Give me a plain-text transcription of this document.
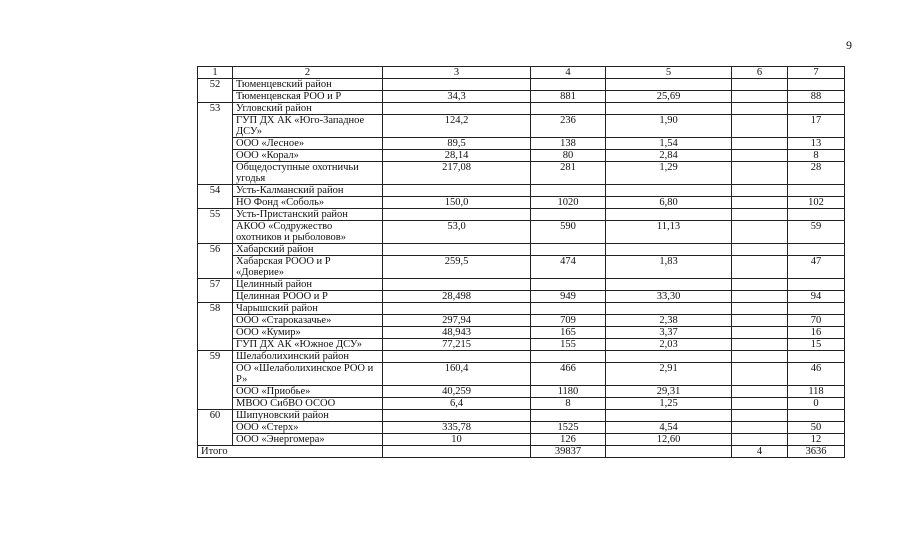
9
1	2	3	4	5	6	7
52	Тюменцевский район					
	Тюменцевская РОО и Р	34,3	881	25,69		88
53	Угловский район					
	ГУП ДХ АК «Юго-Западное ДСУ»	124,2	236	1,90		17
	ООО «Лесное»	89,5	138	1,54		13
	ООО «Корал»	28,14	80	2,84		8
	Общедоступные охотничьи угодья	217,08	281	1,29		28
54	Усть-Калманский район					
	НО Фонд «Соболь»	150,0	1020	6,80		102
55	Усть-Пристанский район					
	АКОО «Содружество охотников и рыболовов»	53,0	590	11,13		59
56	Хабарский район					
	Хабарская РООО и Р «Доверие»	259,5	474	1,83		47
57	Целинный район					
	Целинная РООО и Р	28,498	949	33,30		94
58	Чарышский район					
	ООО «Староказачье»	297,94	709	2,38		70
	ООО «Кумир»	48,943	165	3,37		16
	ГУП ДХ АК «Южное ДСУ»	77,215	155	2,03		15
59	Шелаболихинский район					
	ОО «Шелаболихинское РОО и Р»	160,4	466	2,91		46
	ООО «Приобье»	40,259	1180	29,31		118
	МВОО СибВО ОСОО	6,4	8	1,25		0
60	Шипуновский район					
	ООО «Стерх»	335,78	1525	4,54		50
	ООО «Энергомера»	10	126	12,60		12
Итого			39837		4	3636
